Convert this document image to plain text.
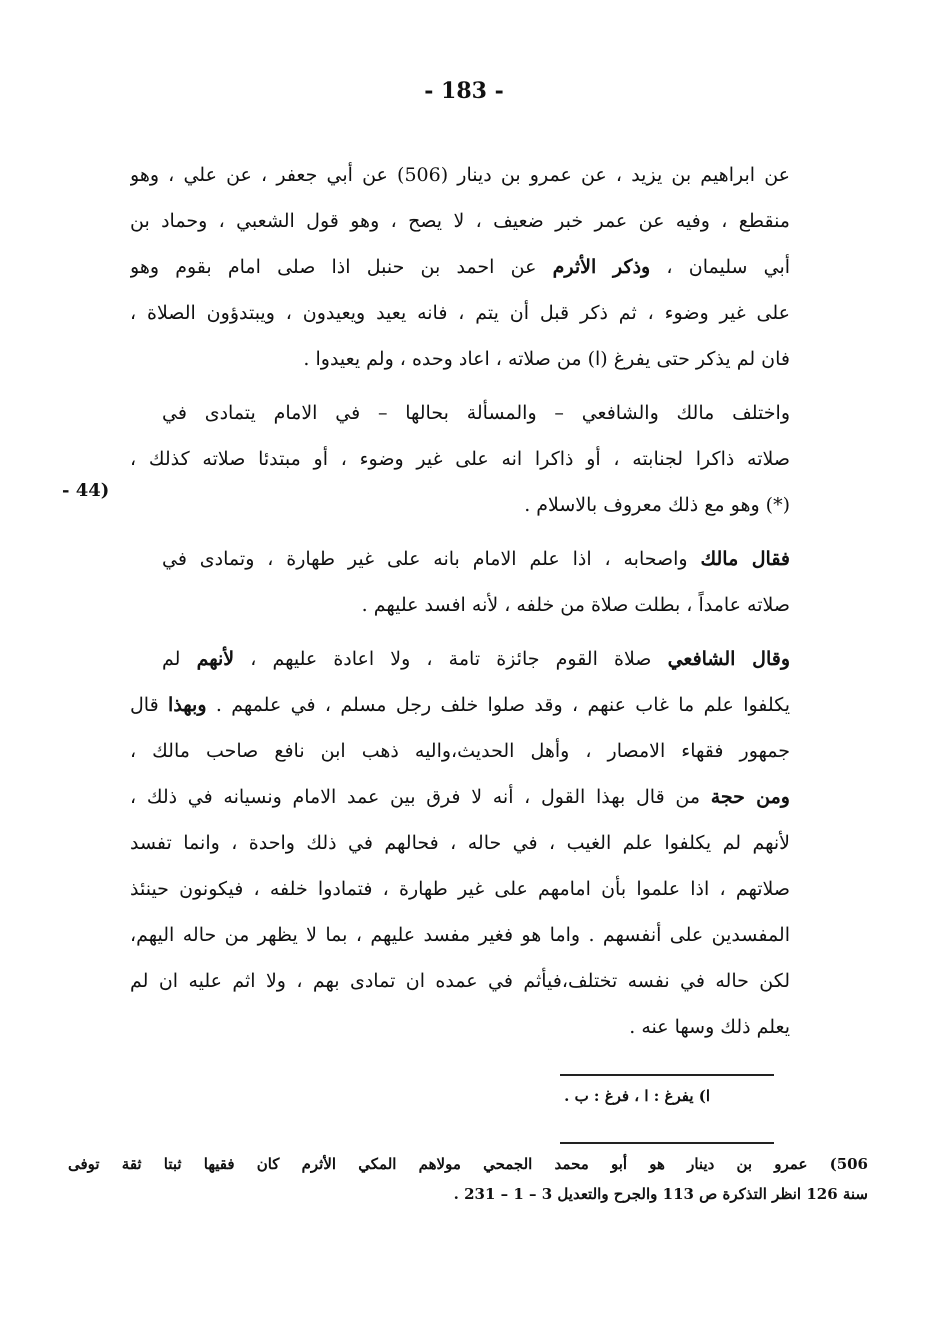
- 183 -
عن ابراهيم بن يزيد ، عن عمرو بن دينار (506) عن أبي جعفر ، عن علي ، وهو
منقطع ، وفيه عن عمر خبر ضعيف ، لا يصح ، وهو قول الشعبي ، وحماد بن
أبي سليمان ، وذكر الأثرم عن احمد بن حنبل اذا صلى امام بقوم وهو
على غير وضوء ، ثم ذكر قبل أن يتم ، فانه يعيد ويعيدون ، ويبتدؤون الصلاة ،
فان لم يذكر حتى يفرغ (ا) من صلاته ، اعاد وحده ، ولم يعيدوا .
واختلف مالك والشافعي – والمسألة بحالها – في الامام يتمادى في
صلاته ذاكرا لجنابته ، أو ذاكرا انه على غير وضوء ، أو مبتدئا صلاته كذلك ،
(*) وهو مع ذلك معروف بالاسلام .
- 44)
فقال مالك واصحابه ، اذا علم الامام بانه على غير طهارة ، وتمادى في
صلاته عامداً ، بطلت صلاة من خلفه ، لأنه افسد عليهم .
وقال الشافعي صلاة القوم جائزة تامة ، ولا اعادة عليهم ، لأنهم لم
يكلفوا علم ما غاب عنهم ، وقد صلوا خلف رجل مسلم ، في علمهم . وبهذا قال
جمهور فقهاء الامصار ، وأهل الحديث،واليه ذهب ابن نافع صاحب مالك ،
ومن حجة من قال بهذا القول ، أنه لا فرق بين عمد الامام ونسيانه في ذلك ،
لأنهم لم يكلفوا علم الغيب ، في حاله ، فحالهم في ذلك واحدة ، وانما تفسد
صلاتهم ، اذا علموا بأن امامهم على غير طهارة ، فتمادوا خلفه ، فيكونون حينئذ
المفسدين على أنفسهم . واما هو فغير مفسد عليهم ، بما لا يظهر من حاله اليهم،
لكن حاله في نفسه تختلف،فيأثم في عمده ان تمادى بهم ، ولا اثم عليه ان لم
يعلم ذلك وسها عنه .
ا) يفرغ : ا ، فرغ : ب .
506) عمرو بن دينار هو أبو محمد الجمحي مولاهم المكي الأثرم كان فقيها ثبتا ثقة توفى
سنة 126 انظر التذكرة ص 113 والجرح والتعديل 3 – 1 – 231 .
